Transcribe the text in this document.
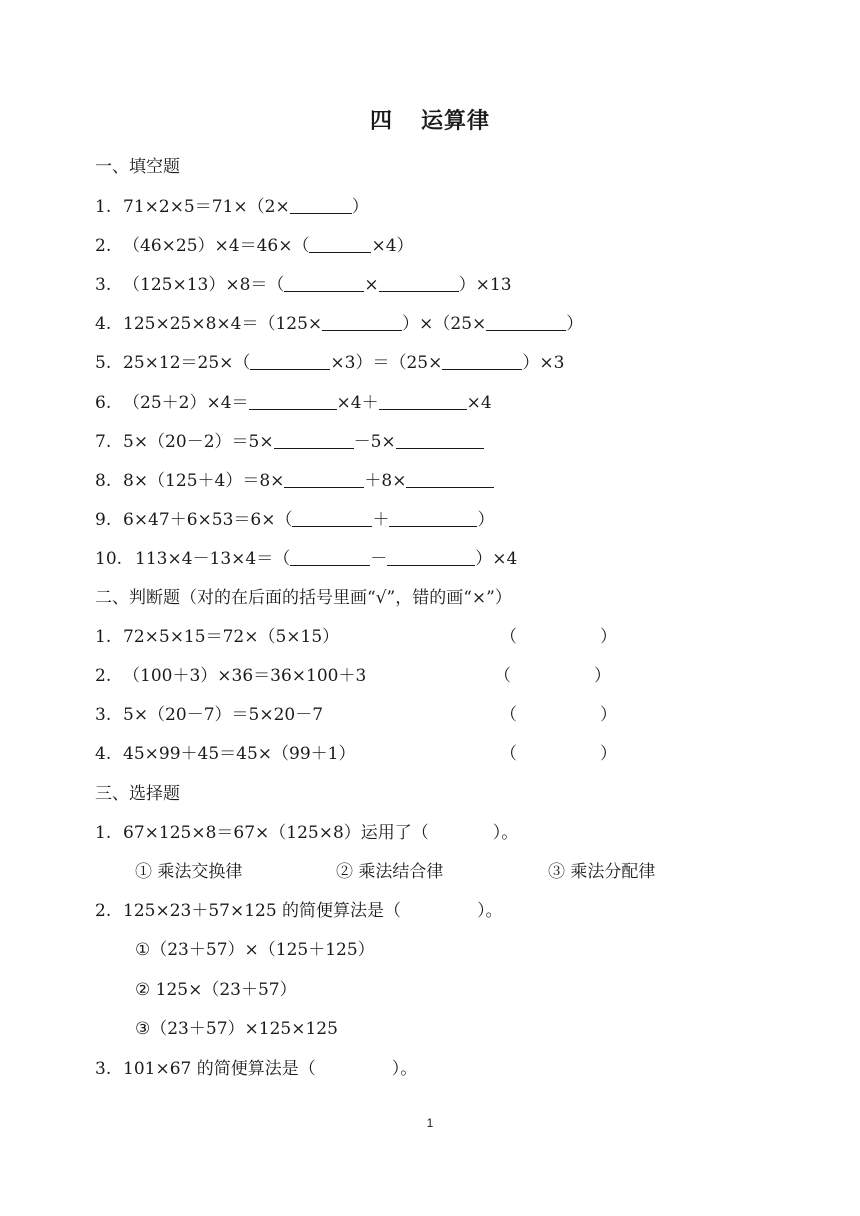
四 运算律
一、填空题
1. 71×2×5＝71×（2×	）
2. （46×25）×4＝46×（	×4）
3. （125×13）×8＝（	×	）×13
4. 125×25×8×4＝（125×	）×（25×	）
5. 25×12＝25×（	×3）＝（25×	）×3
6. （25＋2）×4＝	×4＋	×4
7. 5×（20－2）＝5×	－5×
8. 8×（125＋4）＝8×	＋8×
9. 6×47＋6×53＝6×（	＋	）
10. 113×4－13×4＝（	－	）×4
二、判断题（对的在后面的括号里画“√”，错的画“×”）
1. 72×5×15＝72×（5×15）	（	）
2. （100＋3）×36＝36×100＋3	（	）
3. 5×（20－7）＝5×20－7	（	）
4. 45×99＋45＝45×（99＋1）	（	）
三、选择题
1. 67×125×8＝67×（125×8）运用了（	）。
① 乘法交换律	② 乘法结合律	③ 乘法分配律
2. 125×23＋57×125 的简便算法是（	）。
①（23＋57）×（125＋125）
② 125×（23＋57）
③（23＋57）×125×125
3. 101×67 的简便算法是（	）。
1
